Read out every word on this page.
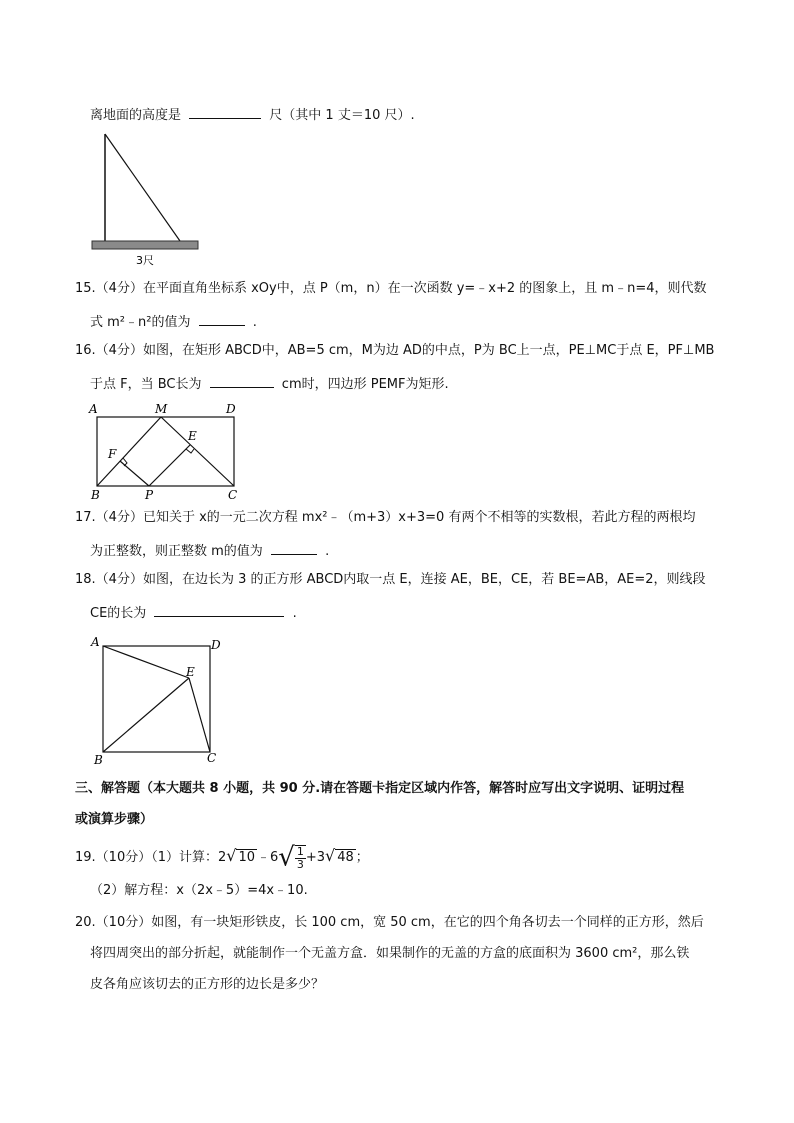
离地面的高度是	尺（其中 1 丈＝10 尺）.
3尺
15.（4分）在平面直角坐标系 xOy中，点 P（m，n）在一次函数 y=﹣x+2 的图象上，且 m﹣n=4，则代数
式 m²﹣n²的值为	.
16.（4分）如图，在矩形 ABCD中，AB=5 cm，M为边 AD的中点，P为 BC上一点，PE⊥MC于点 E，PF⊥MB
于点 F，当 BC长为	cm时，四边形 PEMF为矩形.
A	M	D
F
E
B	P	C
17.（4分）已知关于 x的一元二次方程 mx²﹣（m+3）x+3=0 有两个不相等的实数根，若此方程的两根均
为正整数，则正整数 m的值为	.
18.（4分）如图，在边长为 3 的正方形 ABCD内取一点 E，连接 AE，BE，CE，若 BE=AB，AE=2，则线段
CE的长为	.
A	D
E
B	C
三、解答题（本大题共 8 小题，共 90 分.请在答题卡指定区域内作答，解答时应写出文字说明、证明过程
或演算步骤）
19.（10分）（1）计算：2√ 10 ﹣6√ $\frac{1}{3} +3√$ 48 ；
（2）解方程：x（2x﹣5）=4x﹣10.
20.（10分）如图，有一块矩形铁皮，长 100 cm，宽 50 cm，在它的四个角各切去一个同样的正方形，然后
将四周突出的部分折起，就能制作一个无盖方盒．如果制作的无盖的方盒的底面积为 3600 cm²，那么铁
皮各角应该切去的正方形的边长是多少？
